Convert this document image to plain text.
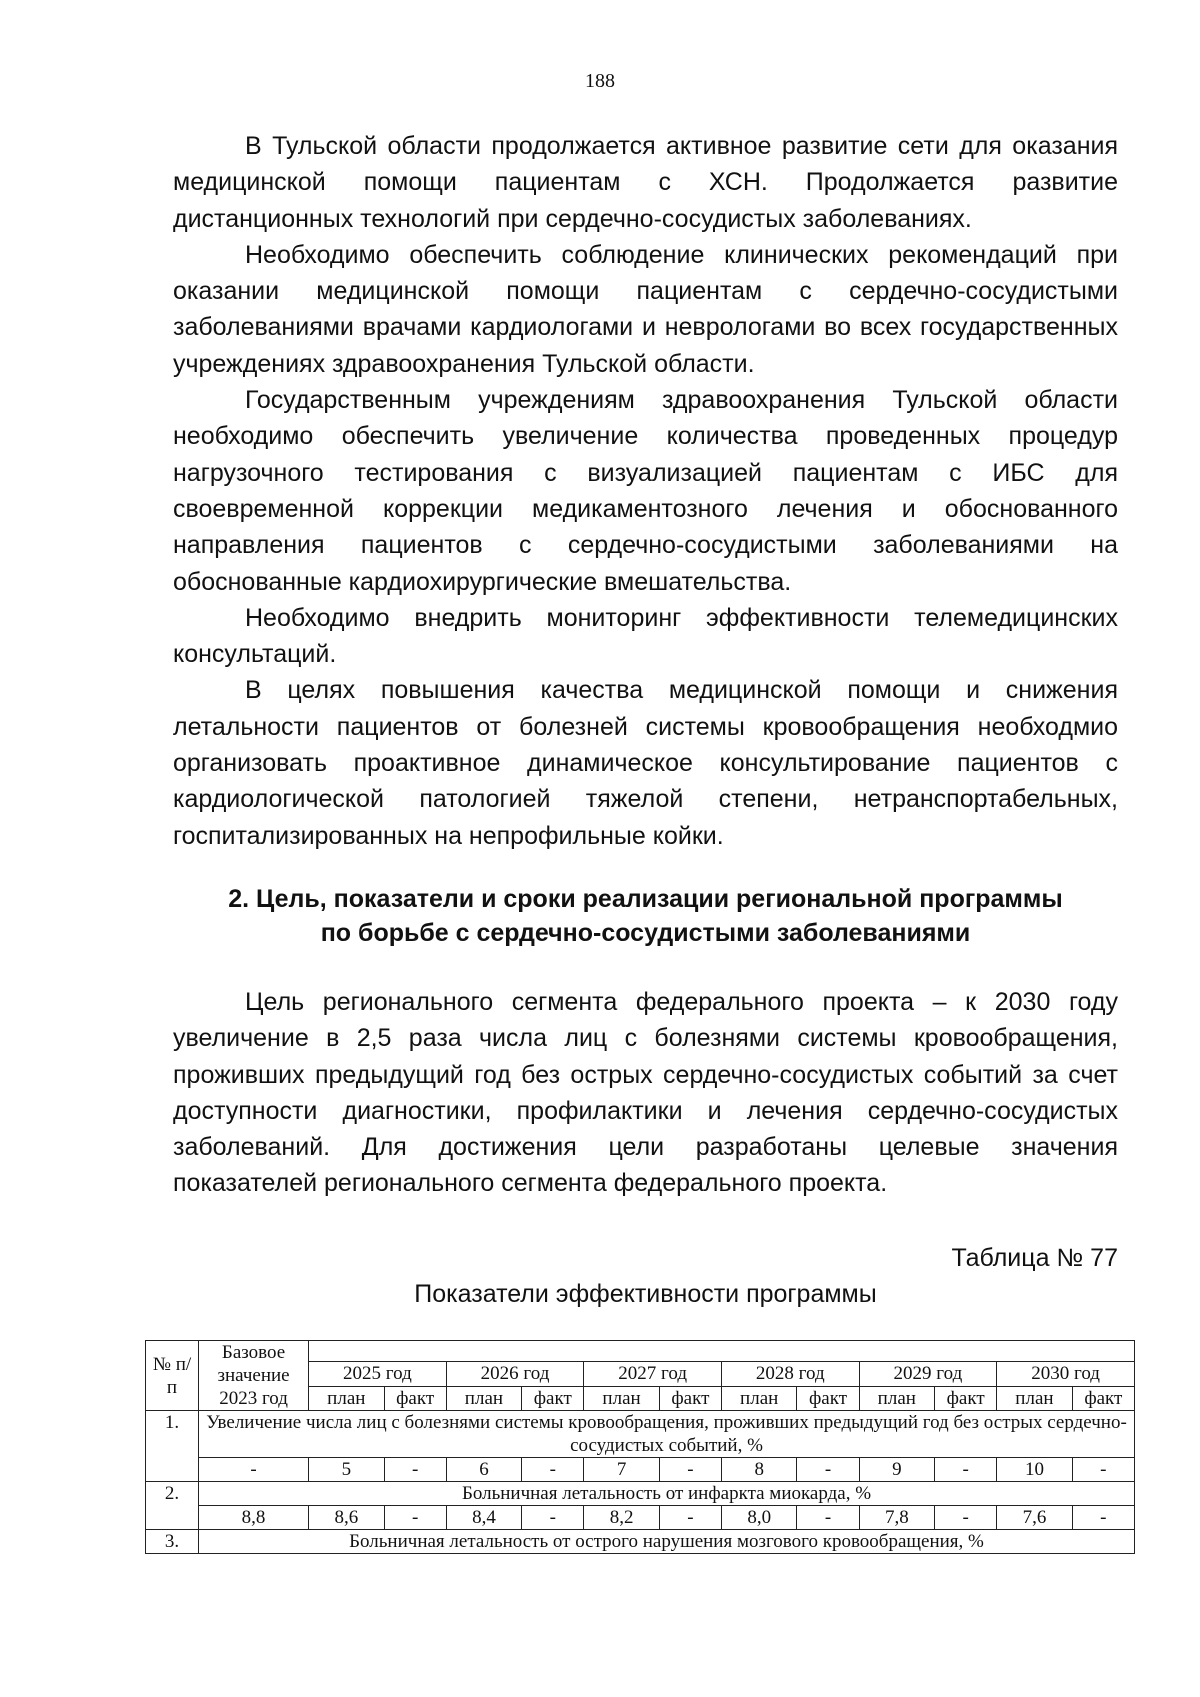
188

В Тульской области продолжается активное развитие сети для оказания медицинской помощи пациентам с ХСН. Продолжается развитие дистанционных технологий при сердечно-сосудистых заболеваниях.

Необходимо обеспечить соблюдение клинических рекомендаций при оказании медицинской помощи пациентам с сердечно-сосудистыми заболеваниями врачами кардиологами и неврологами во всех государственных учреждениях здравоохранения Тульской области.

Государственным учреждениям здравоохранения Тульской области необходимо обеспечить увеличение количества проведенных процедур нагрузочного тестирования с визуализацией пациентам с ИБС для своевременной коррекции медикаментозного лечения и обоснованного направления пациентов с сердечно-сосудистыми заболеваниями на обоснованные кардиохирургические вмешательства.

Необходимо внедрить мониторинг эффективности телемедицинских консультаций.

В целях повышения качества медицинской помощи и снижения летальности пациентов от болезней системы кровообращения необходмио организовать проактивное динамическое консультирование пациентов с кардиологической патологией тяжелой степени, нетранспортабельных, госпитализированных на непрофильные койки.

2. Цель, показатели и сроки реализации региональной программы
по борьбе с сердечно-сосудистыми заболеваниями

Цель регионального сегмента федерального проекта – к 2030 году увеличение в 2,5 раза числа лиц с болезнями системы кровообращения, проживших предыдущий год без острых сердечно-сосудистых событий за счет доступности диагностики, профилактики и лечения сердечно-сосудистых заболеваний. Для достижения цели разработаны целевые значения показателей регионального сегмента федерального проекта.

Таблица № 77

Показатели эффективности программы

№ п/п	Базовое значение 2023 год												
		2025 год		2026 год		2027 год		2028 год		2029 год		2030 год	
		план	факт	план	факт	план	факт	план	факт	план	факт	план	факт
1.	Увеличение числа лиц с болезнями системы кровообращения, проживших предыдущий год без острых сердечно-сосудистых событий, %												
	-	5	-	6	-	7	-	8	-	9	-	10	-
2.	Больничная летальность от инфаркта миокарда, %												
	8,8	8,6	-	8,4	-	8,2	-	8,0	-	7,8	-	7,6	-
3.	Больничная летальность от острого нарушения мозгового кровообращения, %												
